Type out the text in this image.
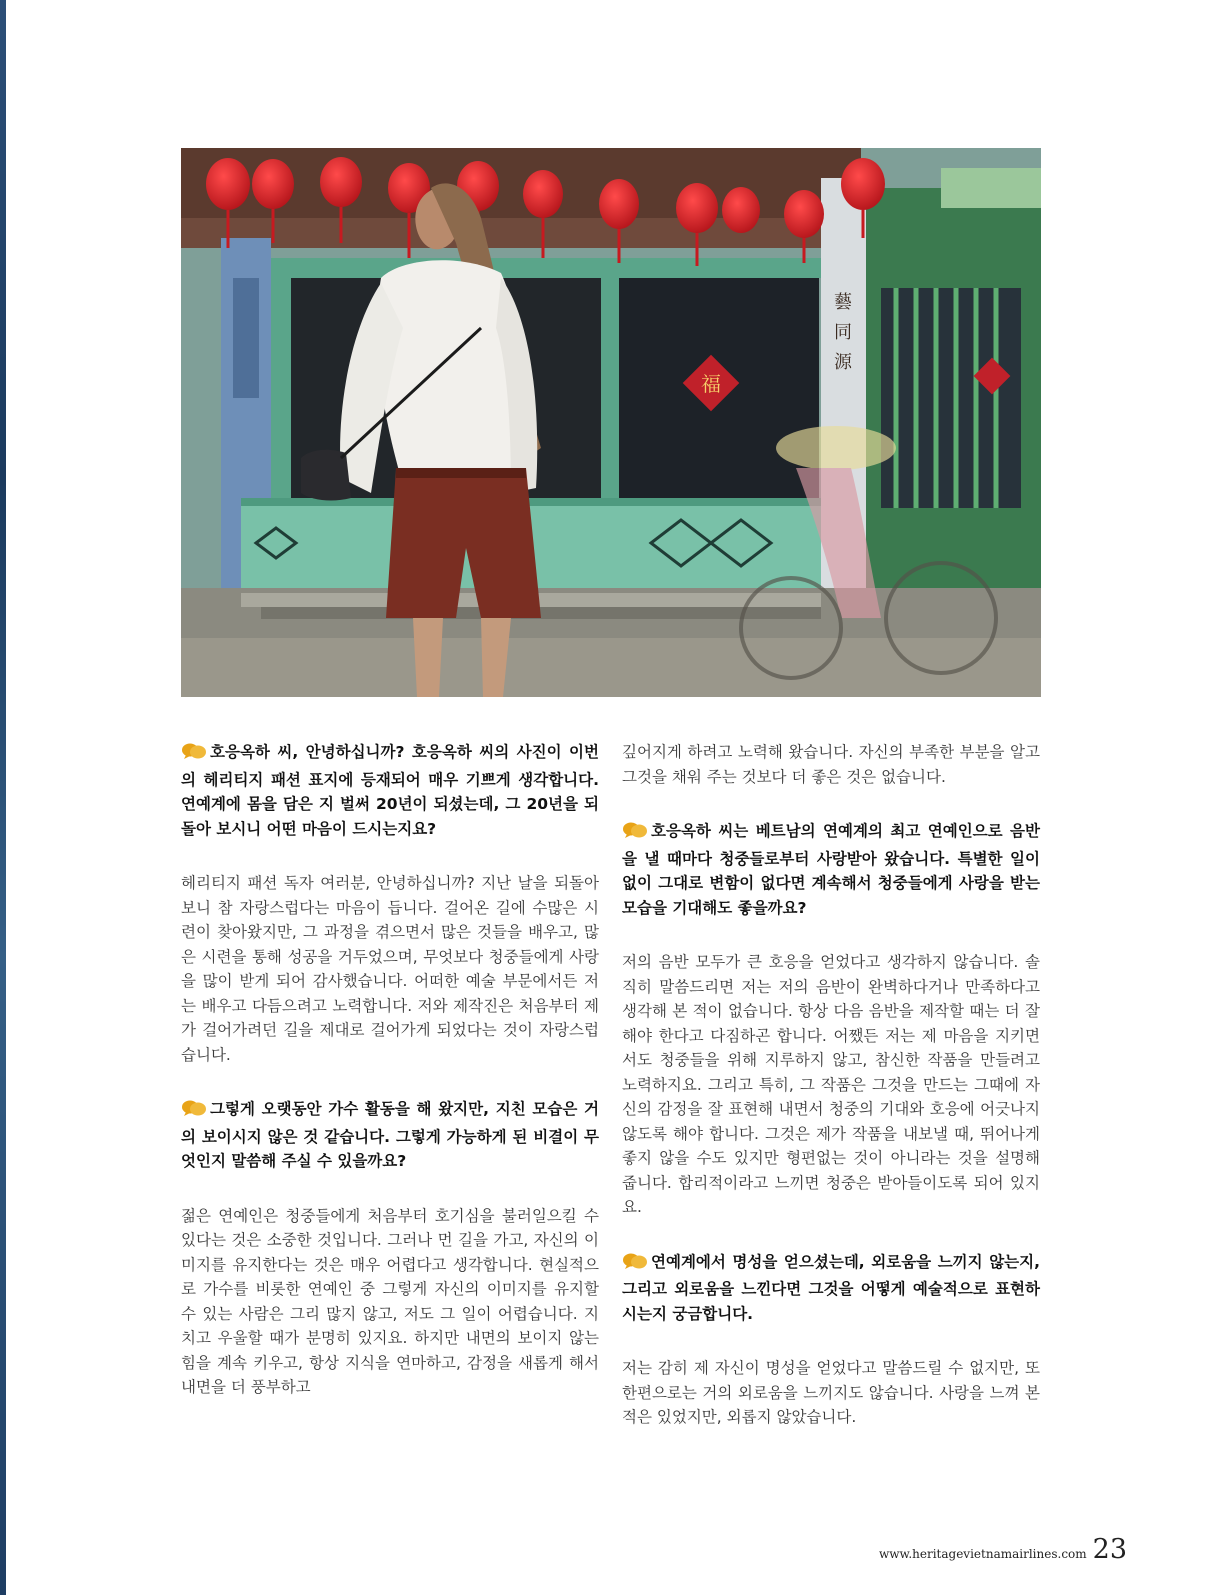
藝
同
源
福

호응옥하 씨, 안녕하십니까? 호응옥하 씨의 사진이 이번의 헤리티지 패션 표지에 등재되어 매우 기쁘게 생각합니다. 연예계에 몸을 담은 지 벌써 20년이 되셨는데, 그 20년을 되돌아 보시니 어떤 마음이 드시는지요?

헤리티지 패션 독자 여러분, 안녕하십니까? 지난 날을 되돌아보니 참 자랑스럽다는 마음이 듭니다. 걸어온 길에 수많은 시련이 찾아왔지만, 그 과정을 겪으면서 많은 것들을 배우고, 많은 시련을 통해 성공을 거두었으며, 무엇보다 청중들에게 사랑을 많이 받게 되어 감사했습니다. 어떠한 예술 부문에서든 저는 배우고 다듬으려고 노력합니다. 저와 제작진은 처음부터 제가 걸어가려던 길을 제대로 걸어가게 되었다는 것이 자랑스럽습니다.

그렇게 오랫동안 가수 활동을 해 왔지만, 지친 모습은 거의 보이시지 않은 것 같습니다. 그렇게 가능하게 된 비결이 무엇인지 말씀해 주실 수 있을까요?

젊은 연예인은 청중들에게 처음부터 호기심을 불러일으킬 수 있다는 것은 소중한 것입니다. 그러나 먼 길을 가고, 자신의 이미지를 유지한다는 것은 매우 어렵다고 생각합니다. 현실적으로 가수를 비롯한 연예인 중 그렇게 자신의 이미지를 유지할 수 있는 사람은 그리 많지 않고, 저도 그 일이 어렵습니다. 지치고 우울할 때가 분명히 있지요. 하지만 내면의 보이지 않는 힘을 계속 키우고, 항상 지식을 연마하고, 감정을 새롭게 해서 내면을 더 풍부하고

깊어지게 하려고 노력해 왔습니다. 자신의 부족한 부분을 알고 그것을 채워 주는 것보다 더 좋은 것은 없습니다.

호응옥하 씨는 베트남의 연예계의 최고 연예인으로 음반을 낼 때마다 청중들로부터 사랑받아 왔습니다. 특별한 일이 없이 그대로 변함이 없다면 계속해서 청중들에게 사랑을 받는 모습을 기대해도 좋을까요?

저의 음반 모두가 큰 호응을 얻었다고 생각하지 않습니다. 솔직히 말씀드리면 저는 저의 음반이 완벽하다거나 만족하다고 생각해 본 적이 없습니다. 항상 다음 음반을 제작할 때는 더 잘해야 한다고 다짐하곤 합니다. 어쨌든 저는 제 마음을 지키면서도 청중들을 위해 지루하지 않고, 참신한 작품을 만들려고 노력하지요. 그리고 특히, 그 작품은 그것을 만드는 그때에 자신의 감정을 잘 표현해 내면서 청중의 기대와 호응에 어긋나지 않도록 해야 합니다. 그것은 제가 작품을 내보낼 때, 뛰어나게 좋지 않을 수도 있지만 형편없는 것이 아니라는 것을 설명해 줍니다. 합리적이라고 느끼면 청중은 받아들이도록 되어 있지요.

연예계에서 명성을 얻으셨는데, 외로움을 느끼지 않는지, 그리고 외로움을 느낀다면 그것을 어떻게 예술적으로 표현하시는지 궁금합니다.

저는 감히 제 자신이 명성을 얻었다고 말씀드릴 수 없지만, 또 한편으로는 거의 외로움을 느끼지도 않습니다. 사랑을 느껴 본 적은 있었지만, 외롭지 않았습니다.

www.heritagevietnamairlines.com 23
